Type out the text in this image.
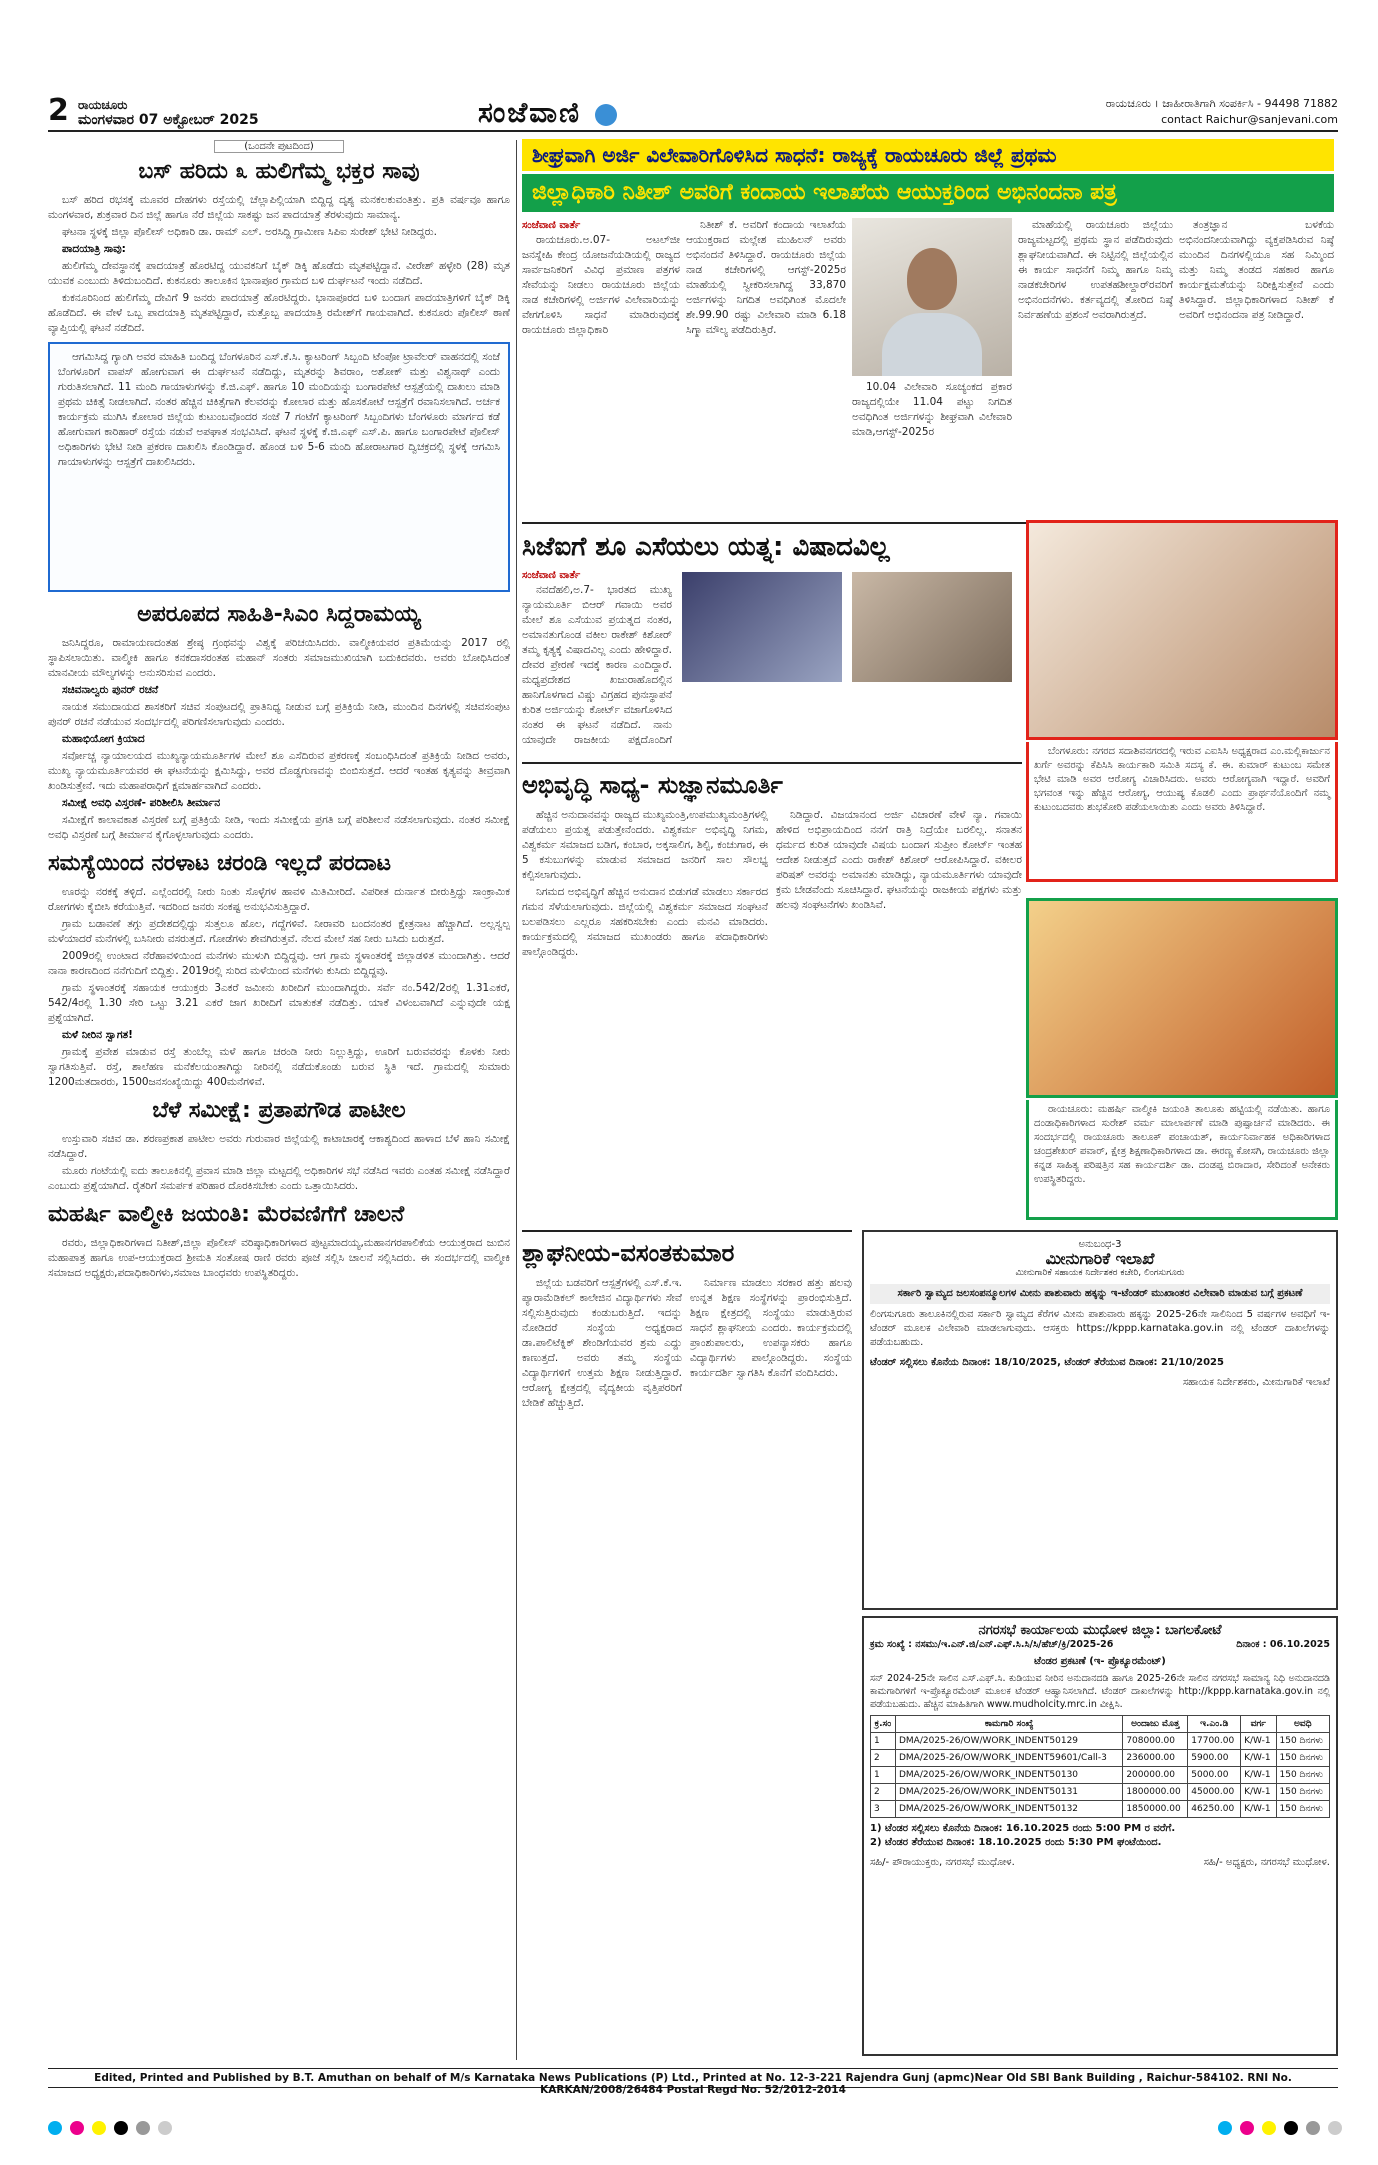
2 ರಾಯಚೂರು
ಮಂಗಳವಾರ 07 ಅಕ್ಟೋಬರ್ 2025	ಸಂಜೆವಾಣಿ	ರಾಯಚೂರು । ಜಾಹೀರಾತಿಗಾಗಿ ಸಂಪರ್ಕಿಸಿ - 94498 71882
contact Raichur@sanjevani.com
(ಒಂದನೇ ಪುಟದಿಂದ)
ಬಸ್ ಹರಿದು ೩ ಹುಲಿಗೆಮ್ಮ ಭಕ್ತರ ಸಾವು

ಬಸ್ ಹರಿದ ರಭಸಕ್ಕೆ ಮೂವರ ದೇಹಗಳು ರಸ್ತೆಯಲ್ಲಿ ಚೆಲ್ಲಾಪಿಲ್ಲಿಯಾಗಿ ಬಿದ್ದಿದ್ದ ದೃಶ್ಯ ಮನಕಲಕುವಂತಿತ್ತು. ಪ್ರತಿ ವರ್ಷವೂ ಹಾಗೂ ಮಂಗಳವಾರ, ಶುಕ್ರವಾರ ದಿನ ಜಿಲ್ಲೆ ಹಾಗೂ ನೆರೆ ಜಿಲ್ಲೆಯ ಸಾಕಷ್ಟು ಜನ ಪಾದಯಾತ್ರೆ ತೆರಳುವುದು ಸಾಮಾನ್ಯ.

ಘಟನಾ ಸ್ಥಳಕ್ಕೆ ಜಿಲ್ಲಾ ಪೊಲೀಸ್ ಅಧಿಕಾರಿ ಡಾ. ರಾಮ್ ಎಲ್. ಅರಸಿದ್ದಿ ಗ್ರಾಮೀಣ ಸಿಪಿಐ ಸುರೇಶ್ ಭೇಟಿ ನೀಡಿದ್ದರು.

ಪಾದಯಾತ್ರಿ ಸಾವು:

ಹುಲಿಗೆಮ್ಮ ದೇವಸ್ಥಾನಕ್ಕೆ ಪಾದಯಾತ್ರೆ ಹೊರಟಿದ್ದ ಯುವಕನಿಗೆ ಬೈಕ್ ಡಿಕ್ಕಿ ಹೊಡೆದು ಮೃತಪಟ್ಟಿದ್ದಾನೆ. ವೀರೇಶ್ ಹಳ್ಳೇರಿ (28) ಮೃತ ಯುವಕ ಎಂಬುದು ತಿಳಿದುಬಂದಿದೆ. ಕುಕನೂರು ತಾಲೂಕಿನ ಭಾನಾಪೂರ ಗ್ರಾಮದ ಬಳಿ ದುರ್ಘಟನೆ ಇಂದು ನಡೆದಿದೆ.

ಕುಕನೂರಿನಿಂದ ಹುಲಿಗೆಮ್ಮ ದೇವಿಗೆ 9 ಜನರು ಪಾದಯಾತ್ರೆ ಹೊರಟಿದ್ದರು. ಭಾನಾಪೂರದ ಬಳಿ ಬಂದಾಗ ಪಾದಯಾತ್ರಿಗಳಿಗೆ ಬೈಕ್ ಡಿಕ್ಕಿ ಹೊಡೆದಿದೆ. ಈ ವೇಳೆ ಒಬ್ಬ ಪಾದಯಾತ್ರಿ ಮೃತಪಟ್ಟಿದ್ದಾರೆ, ಮತ್ತೊಬ್ಬ ಪಾದಯಾತ್ರಿ ರಮೇಶ್‌ಗೆ ಗಾಯವಾಗಿದೆ. ಕುಕನೂರು ಪೊಲೀಸ್ ಠಾಣೆ ವ್ಯಾಪ್ತಿಯಲ್ಲಿ ಘಟನೆ ನಡೆದಿದೆ.

ಆಗಮಿಸಿದ್ದ ಗ್ಯಾಂಗಿ ಅವರ ಮಾಹಿತಿ ಬಂದಿದ್ದ ಬೆಂಗಳೂರಿನ ಎಸ್.ಕೆ.ಸಿ. ಕ್ಯಾಟರಿಂಗ್ ಸಿಬ್ಬಂದಿ ಟೆಂಪೋ ಟ್ರಾವೆಲರ್ ವಾಹನದಲ್ಲಿ ಸಂಜೆ ಬೆಂಗಳೂರಿಗೆ ವಾಪಸ್ ಹೋಗುವಾಗ ಈ ದುರ್ಘಟನೆ ನಡೆದಿದ್ದು, ಮೃತರನ್ನು ಶಿವರಾಂ, ಅಶೋಕ್ ಮತ್ತು ವಿಶ್ವನಾಥ್ ಎಂದು ಗುರುತಿಸಲಾಗಿದೆ. 11 ಮಂದಿ ಗಾಯಾಳುಗಳನ್ನು ಕೆ.ಜಿ.ಎಫ್. ಹಾಗೂ 10 ಮಂದಿಯನ್ನು ಬಂಗಾರಪೇಟೆ ಆಸ್ಪತ್ರೆಯಲ್ಲಿ ದಾಖಲು ಮಾಡಿ ಪ್ರಥಮ ಚಿಕಿತ್ಸೆ ನೀಡಲಾಗಿದೆ. ನಂತರ ಹೆಚ್ಚಿನ ಚಿಕಿತ್ಸೆಗಾಗಿ ಕೆಲವರನ್ನು ಕೋಲಾರ ಮತ್ತು ಹೊಸಕೋಟೆ ಆಸ್ಪತ್ರೆಗೆ ರವಾನಿಸಲಾಗಿದೆ. ಅರ್ಚಕ ಕಾರ್ಯಕ್ರಮ ಮುಗಿಸಿ ಕೋಲಾರ ಜಿಲ್ಲೆಯ ಕುಟುಂಬವೊಂದರ ಸಂಜೆ 7 ಗಂಟೆಗೆ ಕ್ಯಾಟರಿಂಗ್ ಸಿಬ್ಬಂದಿಗಳು ಬೆಂಗಳೂರು ಮಾರ್ಗದ ಕಡೆ ಹೋಗುವಾಗ ಕಾರಿಹಾರ್ ರಸ್ತೆಯ ನಡುವೆ ಅಪಘಾತ ಸಂಭವಿಸಿದೆ. ಘಟನೆ ಸ್ಥಳಕ್ಕೆ ಕೆ.ಜಿ.ಎಫ್ ಎಸ್.ಪಿ. ಹಾಗೂ ಬಂಗಾರಪೇಟೆ ಪೊಲೀಸ್ ಅಧಿಕಾರಿಗಳು ಭೇಟಿ ನೀಡಿ ಪ್ರಕರಣ ದಾಖಲಿಸಿ ಕೊಂಡಿದ್ದಾರೆ. ಹೊಂಡ ಬಳಿ 5-6 ಮಂದಿ ಹೋರಾಟಗಾರ ದ್ವಿಚಕ್ರದಲ್ಲಿ ಸ್ಥಳಕ್ಕೆ ಆಗಮಿಸಿ ಗಾಯಾಳುಗಳನ್ನು ಆಸ್ಪತ್ರೆಗೆ ದಾಖಲಿಸಿದರು.

ಅಪರೂಪದ ಸಾಹಿತಿ-ಸಿಎಂ ಸಿದ್ದರಾಮಯ್ಯ

ಜನಿಸಿದ್ದರೂ, ರಾಮಾಯಣದಂತಹ ಶ್ರೇಷ್ಠ ಗ್ರಂಥವನ್ನು ವಿಶ್ವಕ್ಕೆ ಪರಿಚಯಿಸಿದರು. ವಾಲ್ಮೀಕಿಯವರ ಪ್ರತಿಮೆಯನ್ನು 2017 ರಲ್ಲಿ ಸ್ಥಾಪಿಸಲಾಯಿತು. ವಾಲ್ಮೀಕಿ ಹಾಗೂ ಕನಕದಾಸರಂತಹ ಮಹಾನ್ ಸಂತರು ಸಮಾಜಮುಖಿಯಾಗಿ ಬದುಕಿದವರು. ಅವರು ಬೋಧಿಸಿದಂತೆ ಮಾನವೀಯ ಮೌಲ್ಯಗಳನ್ನು ಅನುಸರಿಸುವ ಎಂದರು.

ಸಚಿವನಾಲ್ವರು ಪುನರ್ ರಚನೆ

ನಾಯಕ ಸಮುದಾಯದ ಶಾಸಕರಿಗೆ ಸಚಿವ ಸಂಪುಟದಲ್ಲಿ ಪ್ರಾತಿನಿಧ್ಯ ನೀಡುವ ಬಗ್ಗೆ ಪ್ರತಿಕ್ರಿಯೆ ನೀಡಿ, ಮುಂದಿನ ದಿನಗಳಲ್ಲಿ ಸಚಿವಸಂಪುಟ ಪುನರ್ ರಚನೆ ನಡೆಯುವ ಸಂದರ್ಭದಲ್ಲಿ ಪರಿಗಣಿಸಲಾಗುವುದು ಎಂದರು.

ಮಹಾಭಿಯೋಗ ಕ್ರಿಯಾದ

ಸರ್ವೋಚ್ಚ ನ್ಯಾಯಾಲಯದ ಮುಖ್ಯನ್ಯಾಯಮೂರ್ತಿಗಳ ಮೇಲೆ ಶೂ ಎಸೆದಿರುವ ಪ್ರಕರಣಕ್ಕೆ ಸಂಬಂಧಿಸಿದಂತೆ ಪ್ರತಿಕ್ರಿಯೆ ನೀಡಿದ ಅವರು, ಮುಖ್ಯ ನ್ಯಾಯಮೂರ್ತಿಯವರ ಈ ಘಟನೆಯನ್ನು ಕ್ಷಮಿಸಿದ್ದು, ಅವರ ದೊಡ್ಡಗುಣವನ್ನು ಬಿಂಬಿಸುತ್ತದೆ. ಆದರೆ ಇಂತಹ ಕೃತ್ಯವನ್ನು ತೀವ್ರವಾಗಿ ಖಂಡಿಸುತ್ತೇನೆ. ಇದು ಮಹಾಪರಾಧಿಗೆ ಕ್ಷಮಾರ್ಹವಾಗಿದೆ ಎಂದರು.

ಸಮೀಕ್ಷೆ ಅವಧಿ ವಿಸ್ತರಣೆ- ಪರಿಶೀಲಿಸಿ ತೀರ್ಮಾನ

ಸಮೀಕ್ಷೆಗೆ ಕಾಲಾವಕಾಶ ವಿಸ್ತರಣೆ ಬಗ್ಗೆ ಪ್ರತಿಕ್ರಿಯೆ ನೀಡಿ, ಇಂದು ಸಮೀಕ್ಷೆಯ ಪ್ರಗತಿ ಬಗ್ಗೆ ಪರಿಶೀಲನೆ ನಡೆಸಲಾಗುವುದು. ನಂತರ ಸಮೀಕ್ಷೆ ಅವಧಿ ವಿಸ್ತರಣೆ ಬಗ್ಗೆ ತೀರ್ಮಾನ ಕೈಗೊಳ್ಳಲಾಗುವುದು ಎಂದರು.

ಸಮಸ್ಯೆಯಿಂದ ನರಳಾಟ ಚರಂಡಿ ಇಲ್ಲದೆ ಪರದಾಟ

ಊರನ್ನು ನರಕಕ್ಕೆ ತಳ್ಳಿದೆ. ಎಲ್ಲೆಂದರಲ್ಲಿ ನೀರು ನಿಂತು ಸೊಳ್ಳೆಗಳ ಹಾವಳಿ ಮಿತಿಮೀರಿದೆ. ವಿಪರೀತ ದುರ್ನಾತ ಬೀರುತ್ತಿದ್ದು ಸಾಂಕ್ರಾಮಿಕ ರೋಗಗಳು ಕೈಬೀಸಿ ಕರೆಯುತ್ತಿವೆ. ಇದರಿಂದ ಜನರು ಸಂಕಷ್ಟ ಅನುಭವಿಸುತ್ತಿದ್ದಾರೆ.

ಗ್ರಾಮ ಬಡಾವಣೆ ತಗ್ಗು ಪ್ರದೇಶದಲ್ಲಿದ್ದು ಸುತ್ತಲೂ ಹೊಲ, ಗದ್ದೆಗಳಿವೆ. ನೀರಾವರಿ ಬಂದನಂತರ ಕ್ಷೇತ್ರನಾಟ ಹೆಚ್ಚಾಗಿದೆ. ಅಲ್ಲಸ್ವಲ್ಪ ಮಳೆಯಾದರೆ ಮನೆಗಳಲ್ಲಿ ಬಸಿನೀರು ವಸರುತ್ತದೆ. ಗೋಡೆಗಳು ಶೇವಗಿರುತ್ತವೆ. ನೆಲದ ಮೇಲೆ ಸಹ ನೀರು ಬಸಿದು ಬರುತ್ತದೆ.

2009ರಲ್ಲಿ ಉಂಟಾದ ನೆರೆಹಾವಳಿಯಿಂದ ಮನೆಗಳು ಮುಳುಗಿ ಬಿದ್ದಿದ್ದವು. ಆಗ ಗ್ರಾಮ ಸ್ಥಳಾಂತರಕ್ಕೆ ಜಿಲ್ಲಾಡಳಿತ ಮುಂದಾಗಿತ್ತು. ಆದರೆ ನಾನಾ ಕಾರಣದಿಂದ ನನೆಗುದಿಗೆ ಬಿದ್ದಿತ್ತು. 2019ರಲ್ಲಿ ಸುರಿದ ಮಳೆಯಿಂದ ಮನೆಗಳು ಕುಸಿದು ಬಿದ್ದಿದ್ದವು.

ಗ್ರಾಮ ಸ್ಥಳಾಂತರಕ್ಕೆ ಸಹಾಯಕ ಆಯುಕ್ತರು 3ಎಕರೆ ಜಮೀನು ಖರೀದಿಗೆ ಮುಂದಾಗಿದ್ದರು. ಸರ್ವೆ ನಂ.542/2ರಲ್ಲಿ 1.31ಎಕರೆ, 542/4ರಲ್ಲಿ 1.30 ಸೇರಿ ಒಟ್ಟು 3.21 ಎಕರೆ ಜಾಗ ಖರೀದಿಗೆ ಮಾತುಕತೆ ನಡೆದಿತ್ತು. ಯಾಕೆ ವಿಳಂಬವಾಗಿದೆ ಎನ್ನುವುದೇ ಯಕ್ಷ ಪ್ರಶ್ನೆಯಾಗಿದೆ.

ಮಳೆ ನೀರಿನ ಸ್ವಾಗತ!

ಗ್ರಾಮಕ್ಕೆ ಪ್ರವೇಶ ಮಾಡುವ ರಸ್ತೆ ತುಂಬೆಲ್ಲ ಮಳೆ ಹಾಗೂ ಚರಂಡಿ ನೀರು ನಿಲ್ಲುತ್ತಿದ್ದು, ಊರಿಗೆ ಬರುವವರನ್ನು ಕೊಳಕು ನೀರು ಸ್ವಾಗತಿಸುತ್ತಿವೆ. ರಸ್ತೆ, ಶಾಲೆಹಣ ಮನೆಕೆಲಯಂತಾಗಿದ್ದು ನೀರಿನಲ್ಲಿ ನಡೆದುಕೊಂಡು ಬರುವ ಸ್ಥಿತಿ ಇದೆ. ಗ್ರಾಮದಲ್ಲಿ ಸುಮಾರು 1200ಮತದಾರರು, 1500ಜನಸಂಖ್ಯೆಯಿದ್ದು 400ಮನೆಗಳಿವೆ.

ಬೆಳೆ ಸಮೀಕ್ಷೆ: ಪ್ರತಾಪಗೌಡ ಪಾಟೀಲ

ಉಸ್ತುವಾರಿ ಸಚಿವ ಡಾ. ಶರಣಪ್ರಕಾಶ ಪಾಟೀಲ ಅವರು ಗುರುವಾರ ಜಿಲ್ಲೆಯಲ್ಲಿ ಕಾಟಾಚಾರಕ್ಕೆ ಆಕಾಶ್ಯದಿಂದ ಹಾಳಾದ ಬೆಳೆ ಹಾನಿ ಸಮೀಕ್ಷೆ ನಡೆಸಿದ್ದಾರೆ.

ಮೂರು ಗಂಟೆಯಲ್ಲಿ ಐದು ತಾಲೂಕಿನಲ್ಲಿ ಪ್ರವಾಸ ಮಾಡಿ ಜಿಲ್ಲಾ ಮಟ್ಟದಲ್ಲಿ ಅಧಿಕಾರಿಗಳ ಸಭೆ ನಡೆಸಿದ ಇವರು ಎಂತಹ ಸಮೀಕ್ಷೆ ನಡೆಸಿದ್ದಾರೆ ಎಂಬುದು ಪ್ರಶ್ನೆಯಾಗಿದೆ. ರೈತರಿಗೆ ಸಮರ್ಪಕ ಪರಿಹಾರ ದೊರಕಿಸಬೇಕು ಎಂದು ಒತ್ತಾಯಿಸಿದರು.

ಮಹರ್ಷಿ ವಾಲ್ಮೀಕಿ ಜಯಂತಿ: ಮೆರವಣಿಗೆಗೆ ಚಾಲನೆ

ರವರು, ಜಿಲ್ಲಾಧಿಕಾರಿಗಳಾದ ನಿತೀಶ್,ಜಿಲ್ಲಾ ಪೊಲೀಸ್ ವರಿಷ್ಠಾಧಿಕಾರಿಗಳಾದ ಪುಟ್ಟಮಾದಯ್ಯ,ಮಹಾನಗರಪಾಲಿಕೆಯ ಆಯುಕ್ತರಾದ ಜುಬಿನ ಮಹಾಪಾತ್ರ ಹಾಗೂ ಉಪ-ಆಯುಕ್ತರಾದ ಶ್ರೀಮತಿ ಸಂತೋಷ ರಾಣಿ ರವರು ಪೂಜೆ ಸಲ್ಲಿಸಿ ಚಾಲನೆ ಸಲ್ಲಿಸಿದರು. ಈ ಸಂದರ್ಭದಲ್ಲಿ ವಾಲ್ಮೀಕಿ ಸಮಾಜದ ಅಧ್ಯಕ್ಷರು,ಪದಾಧಿಕಾರಿಗಳು,ಸಮಾಜ ಬಾಂಧವರು ಉಪಸ್ಥಿತರಿದ್ದರು.

ಶೀಘ್ರವಾಗಿ ಅರ್ಜಿ ವಿಲೇವಾರಿಗೊಳಿಸಿದ ಸಾಧನೆ: ರಾಜ್ಯಕ್ಕೆ ರಾಯಚೂರು ಜಿಲ್ಲೆ ಪ್ರಥಮ
ಜಿಲ್ಲಾಧಿಕಾರಿ ನಿತೀಶ್ ಅವರಿಗೆ ಕಂದಾಯ ಇಲಾಖೆಯ ಆಯುಕ್ತರಿಂದ ಅಭಿನಂದನಾ ಪತ್ರ
ಸಂಜೆವಾಣಿ ವಾರ್ತೆ

ರಾಯಚೂರು.ಅ.07- ಅಟಲ್‌ಜೀ ಜನಸ್ನೇಹಿ ಕೇಂದ್ರ ಯೋಜನೆಯಡಿಯಲ್ಲಿ ರಾಜ್ಯದ ಸಾರ್ವಜನಿಕರಿಗೆ ವಿವಿಧ ಪ್ರಮಾಣ ಪತ್ರಗಳ ಸೇವೆಯನ್ನು ನೀಡಲು ರಾಯಚೂರು ಜಿಲ್ಲೆಯ ನಾಡ ಕಚೇರಿಗಳಲ್ಲಿ ಅರ್ಜಿಗಳ ವಿಲೇವಾರಿಯನ್ನು ವೇಗಗೊಳಿಸಿ ಸಾಧನೆ ಮಾಡಿರುವುದಕ್ಕೆ ರಾಯಚೂರು ಜಿಲ್ಲಾಧಿಕಾರಿ

ನಿತೀಶ್ ಕೆ. ಅವರಿಗೆ ಕಂದಾಯ ಇಲಾಖೆಯ ಆಯುಕ್ತರಾದ ಮಲ್ಲೇಶ ಮುಹಿಲನ್ ಅವರು ಅಭಿನಂದನೆ ತಿಳಿಸಿದ್ದಾರೆ. ರಾಯಚೂರು ಜಿಲ್ಲೆಯ ನಾಡ ಕಚೇರಿಗಳಲ್ಲಿ ಆಗಸ್ಟ್-2025ರ ಮಾಹೆಯಲ್ಲಿ ಸ್ವೀಕರಿಸಲಾಗಿದ್ದ 33,870 ಅರ್ಜಿಗಳನ್ನು ನಿಗದಿತ ಅವಧಿಗಿಂತ ಮೊದಲೇ ಶೇ.99.90 ರಷ್ಟು ವಿಲೇವಾರಿ ಮಾಡಿ 6.18 ಸಿಗ್ಮಾ ಮೌಲ್ಯ ಪಡೆದಿರುತ್ತಿರೆ.

10.04 ವಿಲೇವಾರಿ ಸೂಚ್ಯಂಕದ ಪ್ರಕಾರ ರಾಜ್ಯದಲ್ಲಿಯೇ 11.04 ಪಟ್ಟು ನಿಗದಿತ ಅವಧಿಗಿಂತ ಅರ್ಜಿಗಳನ್ನು ಶೀಘ್ರವಾಗಿ ವಿಲೇವಾರಿ ಮಾಡಿ,ಆಗಸ್ಟ್-2025ರ

ಮಾಹೆಯಲ್ಲಿ ರಾಯಚೂರು ಜಿಲ್ಲೆಯು ರಾಜ್ಯಮಟ್ಟದಲ್ಲಿ ಪ್ರಥಮ ಸ್ಥಾನ ಪಡೆದಿರುವುದು ಶ್ಲಾಘನೀಯವಾಗಿದೆ. ಈ ನಿಟ್ಟಿನಲ್ಲಿ ಜಿಲ್ಲೆಯಲ್ಲಿನ ಈ ಕಾರ್ಯ ಸಾಧನೆಗೆ ನಿಮ್ಮ ಹಾಗೂ ನಿಮ್ಮ ನಾಡಕಚೇರಿಗಳ ಉಪತಹಶೀಲ್ದಾರ್‌ರವರಿಗೆ ಅಭಿನಂದನೆಗಳು. ಕರ್ತವ್ಯದಲ್ಲಿ ತೋರಿದ ನಿಷ್ಠೆ ನಿರ್ವಹಣೆಯ ಪ್ರಶಂಸೆ ಅವರಾಗಿರುತ್ತದೆ.

ತಂತ್ರಜ್ಞಾನ ಬಳಕೆಯ ಅಭಿನಂದನೀಯವಾಗಿದ್ದು ವ್ಯಕ್ತಪಡಿಸಿರುವ ನಿಷ್ಠೆ ಮುಂದಿನ ದಿನಗಳಲ್ಲಿಯೂ ಸಹ ನಿಮ್ಮಿಂದ ಮತ್ತು ನಿಮ್ಮ ತಂಡದ ಸಹಕಾರ ಹಾಗೂ ಕಾರ್ಯಕ್ಷಮತೆಯನ್ನು ನಿರೀಕ್ಷಿಸುತ್ತೇನೆ ಎಂದು ತಿಳಿಸಿದ್ದಾರೆ. ಜಿಲ್ಲಾಧಿಕಾರಿಗಳಾದ ನಿತೀಶ್ ಕೆ ಅವರಿಗೆ ಅಭಿನಂದನಾ ಪತ್ರ ನೀಡಿದ್ದಾರೆ.

ಸಿಜೆಐಗೆ ಶೂ ಎಸೆಯಲು ಯತ್ನ: ವಿಷಾದವಿಲ್ಲ
ಸಂಜೆವಾಣಿ ವಾರ್ತೆ

ನವದೆಹಲಿ,ಅ.7- ಭಾರತದ ಮುಖ್ಯ ನ್ಯಾಯಮೂರ್ತಿ ಬಿಆರ್ ಗವಾಯಿ ಅವರ ಮೇಲೆ ಶೂ ಎಸೆಯುವ ಪ್ರಯತ್ನದ ನಂತರ, ಅಮಾನತುಗೊಂಡ ವಕೀಲ ರಾಕೇಶ್ ಕಿಶೋರ್ ತಮ್ಮ ಕೃತ್ಯಕ್ಕೆ ವಿಷಾದವಿಲ್ಲ ಎಂದು ಹೇಳಿದ್ದಾರೆ. ದೇವರ ಪ್ರೇರಣೆ ಇದಕ್ಕೆ ಕಾರಣ ಎಂದಿದ್ದಾರೆ. ಮಧ್ಯಪ್ರದೇಶದ ಖಜುರಾಹೊದಲ್ಲಿನ ಹಾನಿಗೊಳಗಾದ ವಿಷ್ಣು ವಿಗ್ರಹದ ಪುನಃಸ್ಥಾಪನೆ ಕುರಿತ ಅರ್ಜಿಯನ್ನು ಕೋರ್ಟ್ ವಜಾಗೊಳಿಸಿದ ನಂತರ ಈ ಘಟನೆ ನಡೆದಿದೆ. ನಾನು ಯಾವುದೇ ರಾಜಕೀಯ ಪಕ್ಷದೊಂದಿಗೆ

ಬೆಂಗಳೂರು: ನಗರದ ಸದಾಶಿವನಗರದಲ್ಲಿ ಇರುವ ಎಐಸಿಸಿ ಅಧ್ಯಕ್ಷರಾದ ಎಂ.ಮಲ್ಲಿಕಾರ್ಜುನ ಖರ್ಗೆ ಅವರನ್ನು ಕೆಪಿಸಿಸಿ ಕಾರ್ಯಕಾರಿ ಸಮಿತಿ ಸದಸ್ಯ ಕೆ. ಈ. ಕುಮಾರ್ ಕುಟುಂಬ ಸಮೇತ ಭೇಟಿ ಮಾಡಿ ಅವರ ಆರೋಗ್ಯ ವಿಚಾರಿಸಿದರು. ಅವರು ಆರೋಗ್ಯವಾಗಿ ಇದ್ದಾರೆ. ಅವರಿಗೆ ಭಗವಂತ ಇನ್ನು ಹೆಚ್ಚಿನ ಆರೋಗ್ಯ, ಆಯುಷ್ಯ ಕೊಡಲಿ ಎಂದು ಪ್ರಾರ್ಥನೆಯೊಂದಿಗೆ ನಮ್ಮ ಕುಟುಂಬದವರು ಶುಭಕೋರಿ ಪಡೆಯಲಾಯಿತು ಎಂದು ಅವರು ತಿಳಿಸಿದ್ದಾರೆ.

ಅಭಿವೃದ್ಧಿ ಸಾಧ್ಯ- ಸುಜ್ಞಾನಮೂರ್ತಿ

ಹೆಚ್ಚಿನ ಅನುದಾನವನ್ನು ರಾಜ್ಯದ ಮುಖ್ಯಮಂತ್ರಿ,ಉಪಮುಖ್ಯಮಂತ್ರಿಗಳಲ್ಲಿ ಪಡೆಯಲು ಪ್ರಯತ್ನ ಪಡುತ್ತೇನೆಂದರು. ವಿಶ್ವಕರ್ಮ ಅಭಿವೃದ್ಧಿ ನಿಗಮ, ವಿಶ್ವಕರ್ಮ ಸಮಾಜದ ಬಡಿಗ, ಕಂಬಾರ, ಅಕ್ಕಸಾಲಿಗ, ಶಿಲ್ಪಿ, ಕಂಚುಗಾರ, ಈ 5 ಕಸುಬುಗಳನ್ನು ಮಾಡುವ ಸಮಾಜದ ಜನರಿಗೆ ಸಾಲ ಸೌಲಭ್ಯ ಕಲ್ಪಿಸಲಾಗುವುದು.

ನಿಗಮದ ಅಭಿವೃದ್ಧಿಗೆ ಹೆಚ್ಚಿನ ಅನುದಾನ ಬಿಡುಗಡೆ ಮಾಡಲು ಸರ್ಕಾರದ ಗಮನ ಸೆಳೆಯಲಾಗುವುದು. ಜಿಲ್ಲೆಯಲ್ಲಿ ವಿಶ್ವಕರ್ಮ ಸಮಾಜದ ಸಂಘಟನೆ ಬಲಪಡಿಸಲು ಎಲ್ಲರೂ ಸಹಕರಿಸಬೇಕು ಎಂದು ಮನವಿ ಮಾಡಿದರು. ಕಾರ್ಯಕ್ರಮದಲ್ಲಿ ಸಮಾಜದ ಮುಖಂಡರು ಹಾಗೂ ಪದಾಧಿಕಾರಿಗಳು ಪಾಲ್ಗೊಂಡಿದ್ದರು.

ನಿಡಿದ್ದಾರೆ. ವಿಜಯಾನಂದ ಅರ್ಜಿ ವಿಚಾರಣೆ ವೇಳೆ ನ್ಯಾ. ಗವಾಯಿ ಹೇಳಿದ ಅಭಿಪ್ರಾಯದಿಂದ ನನಗೆ ರಾತ್ರಿ ನಿದ್ರೆಯೇ ಬರಲಿಲ್ಲ. ಸನಾತನ ಧರ್ಮದ ಕುರಿತ ಯಾವುದೇ ವಿಷಯ ಬಂದಾಗ ಸುಪ್ರೀಂ ಕೋರ್ಟ್ ಇಂತಹ ಆದೇಶ ನೀಡುತ್ತದೆ ಎಂದು ರಾಕೇಶ್ ಕಿಶೋರ್ ಆರೋಪಿಸಿದ್ದಾರೆ. ವಕೀಲರ ಪರಿಷತ್ ಅವರನ್ನು ಅಮಾನತು ಮಾಡಿದ್ದು, ನ್ಯಾಯಮೂರ್ತಿಗಳು ಯಾವುದೇ ಕ್ರಮ ಬೇಡವೆಂದು ಸೂಚಿಸಿದ್ದಾರೆ. ಘಟನೆಯನ್ನು ರಾಜಕೀಯ ಪಕ್ಷಗಳು ಮತ್ತು ಹಲವು ಸಂಘಟನೆಗಳು ಖಂಡಿಸಿವೆ.

ರಾಯಚೂರು: ಮಹರ್ಷಿ ವಾಲ್ಮೀಕಿ ಜಯಂತಿ ತಾಲೂಕು ಹಟ್ಟಿಯಲ್ಲಿ ನಡೆಯಿತು. ಹಾಗೂ ದಂಡಾಧಿಕಾರಿಗಳಾದ ಸುರೇಶ್ ವರ್ಮ ಮಾಲಾರ್ಪಣೆ ಮಾಡಿ ಪುಷ್ಪಾರ್ಚನೆ ಮಾಡಿದರು. ಈ ಸಂದರ್ಭದಲ್ಲಿ ರಾಯಚೂರು ತಾಲೂಕ್ ಪಂಚಾಯತ್, ಕಾರ್ಯನಿರ್ವಾಹಕ ಅಧಿಕಾರಿಗಳಾದ ಚಂದ್ರಶೇಖರ್ ಪವಾರ್, ಕ್ಷೇತ್ರ ಶಿಕ್ಷಣಾಧಿಕಾರಿಗಳಾದ ಡಾ. ಈರಣ್ಣ ಕೋಸಗಿ, ರಾಯಚೂರು ಜಿಲ್ಲಾ ಕನ್ನಡ ಸಾಹಿತ್ಯ ಪರಿಷತ್ತಿನ ಸಹ ಕಾರ್ಯದರ್ಶಿ ಡಾ. ದಂಡಪ್ಪ ಬಿರಾದಾರ, ಸೇರಿದಂತೆ ಅನೇಕರು ಉಪಸ್ಥಿತರಿದ್ದರು.

ಶ್ಲಾಘನೀಯ-ವಸಂತಕುಮಾರ

ಜಿಲ್ಲೆಯ ಬಡವರಿಗೆ ಆಸ್ಪತ್ರೆಗಳಲ್ಲಿ ಎಸ್.ಕೆ.ಇ. ಪ್ಯಾರಾಮೆಡಿಕಲ್ ಕಾಲೇಜಿನ ವಿದ್ಯಾರ್ಥಿಗಳು ಸೇವೆ ಸಲ್ಲಿಸುತ್ತಿರುವುದು ಕಂಡುಬರುತ್ತಿದೆ. ಇದನ್ನು ನೋಡಿದರೆ ಸಂಸ್ಥೆಯ ಅಧ್ಯಕ್ಷರಾದ ಡಾ.ಪಾಲಿಟೆಕ್ನಿಕ್ ಶೇಂಡಿಗೆಯವರ ಶ್ರಮ ಎದ್ದು ಕಾಣುತ್ತದೆ. ಅವರು ತಮ್ಮ ಸಂಸ್ಥೆಯ ವಿದ್ಯಾರ್ಥಿಗಳಿಗೆ ಉತ್ತಮ ಶಿಕ್ಷಣ ನೀಡುತ್ತಿದ್ದಾರೆ. ಆರೋಗ್ಯ ಕ್ಷೇತ್ರದಲ್ಲಿ ವೈದ್ಯಕೀಯ ವೃತ್ತಿಪರರಿಗೆ ಬೇಡಿಕೆ ಹೆಚ್ಚುತ್ತಿದೆ.

ನಿರ್ಮಾಣ ಮಾಡಲು ಸರಕಾರ ಹತ್ತು ಹಲವು ಉನ್ನತ ಶಿಕ್ಷಣ ಸಂಸ್ಥೆಗಳನ್ನು ಪ್ರಾರಂಭಿಸುತ್ತಿದೆ. ಶಿಕ್ಷಣ ಕ್ಷೇತ್ರದಲ್ಲಿ ಸಂಸ್ಥೆಯು ಮಾಡುತ್ತಿರುವ ಸಾಧನೆ ಶ್ಲಾಘನೀಯ ಎಂದರು. ಕಾರ್ಯಕ್ರಮದಲ್ಲಿ ಪ್ರಾಂಶುಪಾಲರು, ಉಪನ್ಯಾಸಕರು ಹಾಗೂ ವಿದ್ಯಾರ್ಥಿಗಳು ಪಾಲ್ಗೊಂಡಿದ್ದರು. ಸಂಸ್ಥೆಯ ಕಾರ್ಯದರ್ಶಿ ಸ್ವಾಗತಿಸಿ ಕೊನೆಗೆ ವಂದಿಸಿದರು.

ಅನುಬಂಧ-3
ಮೀನುಗಾರಿಕೆ ಇಲಾಖೆ
ಮೀನುಗಾರಿಕೆ ಸಹಾಯಕ ನಿರ್ದೇಶಕರ ಕಚೇರಿ, ಲಿಂಗಸುಗೂರು
ಸರ್ಕಾರಿ ಸ್ವಾಮ್ಯದ ಜಲಸಂಪನ್ಮೂಲಗಳ ಮೀನು ಪಾಶುವಾರು ಹಕ್ಕನ್ನು ಇ-ಟೆಂಡರ್ ಮುಖಾಂತರ ವಿಲೇವಾರಿ ಮಾಡುವ ಬಗ್ಗೆ ಪ್ರಕಟಣೆ

ಲಿಂಗಸುಗೂರು ತಾಲೂಕಿನಲ್ಲಿರುವ ಸರ್ಕಾರಿ ಸ್ವಾಮ್ಯದ ಕೆರೆಗಳ ಮೀನು ಪಾಶುವಾರು ಹಕ್ಕನ್ನು 2025-26ನೇ ಸಾಲಿನಿಂದ 5 ವರ್ಷಗಳ ಅವಧಿಗೆ ಇ-ಟೆಂಡರ್ ಮೂಲಕ ವಿಲೇವಾರಿ ಮಾಡಲಾಗುವುದು. ಆಸಕ್ತರು https://kppp.karnataka.gov.in ನಲ್ಲಿ ಟೆಂಡರ್ ದಾಖಲೆಗಳನ್ನು ಪಡೆಯಬಹುದು.

ಟೆಂಡರ್ ಸಲ್ಲಿಸಲು ಕೊನೆಯ ದಿನಾಂಕ: 18/10/2025, ಟೆಂಡರ್ ತೆರೆಯುವ ದಿನಾಂಕ: 21/10/2025

ಸಹಾಯಕ ನಿರ್ದೇಶಕರು, ಮೀನುಗಾರಿಕೆ ಇಲಾಖೆ

ನಗರಸಭೆ ಕಾರ್ಯಾಲಯ ಮುಧೋಳ ಜಿಲ್ಲಾ: ಬಾಗಲಕೋಟೆ
ಕ್ರಮ ಸಂಖ್ಯೆ : ನಸಮು/ಇ.ಎನ್.ಜಿ/ಎನ್.ಎಫ್.ಸಿ.ಸಿ/ಸಿ/ಹೆಚ್/ಕ್ರಿ/2025-26	ದಿನಾಂಕ : 06.10.2025
ಟೆಂಡರ ಪ್ರಕಟಣೆ (ಇ- ಪ್ರೊಕ್ಯೂರಮೆಂಟ್)

ಸನ್ 2024-25ನೇ ಸಾಲಿನ ಎಸ್.ಎಫ್.ಸಿ. ಕುಡಿಯುವ ನೀರಿನ ಅನುದಾನದಡಿ ಹಾಗೂ 2025-26ನೇ ಸಾಲಿನ ನಗರಸಭೆ ಸಾಮಾನ್ಯ ನಿಧಿ ಅನುದಾನದಡಿ ಕಾಮಗಾರಿಗಳಿಗೆ ಇ-ಪ್ರೊಕ್ಯೂರಮೆಂಟ್ ಮೂಲಕ ಟೆಂಡರ್ ಆಹ್ವಾನಿಸಲಾಗಿದೆ. ಟೆಂಡರ್ ದಾಖಲೆಗಳನ್ನು http://kppp.karnataka.gov.in ನಲ್ಲಿ ಪಡೆಯಬಹುದು. ಹೆಚ್ಚಿನ ಮಾಹಿತಿಗಾಗಿ www.mudholcity.mrc.in ವೀಕ್ಷಿಸಿ.

ಕ್ರ.ಸಂ	ಕಾಮಗಾರಿ ಸಂಖ್ಯೆ	ಅಂದಾಜು ಮೊತ್ತ	ಇ.ಎಂ.ಡಿ	ವರ್ಗ	ಅವಧಿ
1	DMA/2025-26/OW/WORK_INDENT50129	708000.00	17700.00	K/W-1	150 ದಿನಗಳು
2	DMA/2025-26/OW/WORK_INDENT59601/Call-3	236000.00	5900.00	K/W-1	150 ದಿನಗಳು
1	DMA/2025-26/OW/WORK_INDENT50130	200000.00	5000.00	K/W-1	150 ದಿನಗಳು
2	DMA/2025-26/OW/WORK_INDENT50131	1800000.00	45000.00	K/W-1	150 ದಿನಗಳು
3	DMA/2025-26/OW/WORK_INDENT50132	1850000.00	46250.00	K/W-1	150 ದಿನಗಳು

1) ಟೆಂಡರ ಸಲ್ಲಿಸಲು ಕೊನೆಯ ದಿನಾಂಕ: 16.10.2025 ರಂದು 5:00 PM ರ ವರೆಗೆ.

2) ಟೆಂಡರ ತೆರೆಯುವ ದಿನಾಂಕ: 18.10.2025 ರಂದು 5:30 PM ಘಂಟೆಯಿಂದ.

ಸಹಿ/- ಪೌರಾಯುಕ್ತರು, ನಗರಸಭೆ ಮುಧೋಳ.	ಸಹಿ/- ಅಧ್ಯಕ್ಷರು, ನಗರಸಭೆ ಮುಧೋಳ.
Edited, Printed and Published by B.T. Amuthan on behalf of M/s Karnataka News Publications (P) Ltd., Printed at No. 12-3-221 Rajendra Gunj (apmc)Near Old SBI Bank Building , Raichur-584102. RNI No. KARKAN/2008/26484 Postal Regd No. 52/2012-2014
